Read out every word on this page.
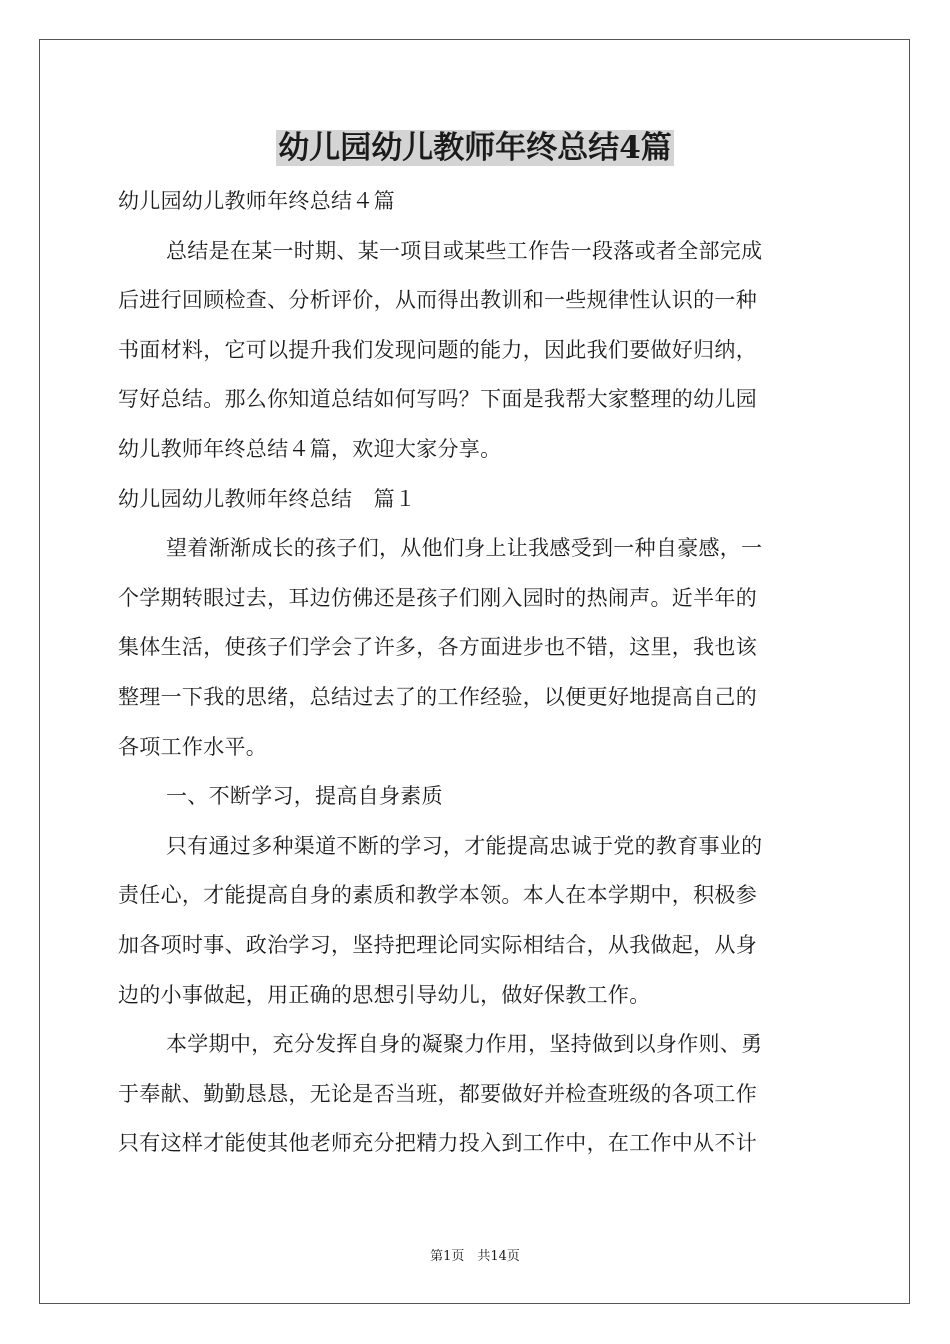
幼儿园幼儿教师年终总结4篇
幼儿园幼儿教师年终总结４篇
总结是在某一时期、某一项目或某些工作告一段落或者全部完成
后进行回顾检查、分析评价，从而得出教训和一些规律性认识的一种
书面材料，它可以提升我们发现问题的能力，因此我们要做好归纳，
写好总结。那么你知道总结如何写吗？下面是我帮大家整理的幼儿园
幼儿教师年终总结４篇，欢迎大家分享。
幼儿园幼儿教师年终总结　篇１
望着渐渐成长的孩子们，从他们身上让我感受到一种自豪感，一
个学期转眼过去，耳边仿佛还是孩子们刚入园时的热闹声。近半年的
集体生活，使孩子们学会了许多，各方面进步也不错，这里，我也该
整理一下我的思绪，总结过去了的工作经验，以便更好地提高自己的
各项工作水平。
一、不断学习，提高自身素质
只有通过多种渠道不断的学习，才能提高忠诚于党的教育事业的
责任心，才能提高自身的素质和教学本领。本人在本学期中，积极参
加各项时事、政治学习，坚持把理论同实际相结合，从我做起，从身
边的小事做起，用正确的思想引导幼儿，做好保教工作。
本学期中，充分发挥自身的凝聚力作用，坚持做到以身作则、勇
于奉献、勤勤恳恳，无论是否当班，都要做好并检查班级的各项工作
只有这样才能使其他老师充分把精力投入到工作中，在工作中从不计
第1页　共14页
